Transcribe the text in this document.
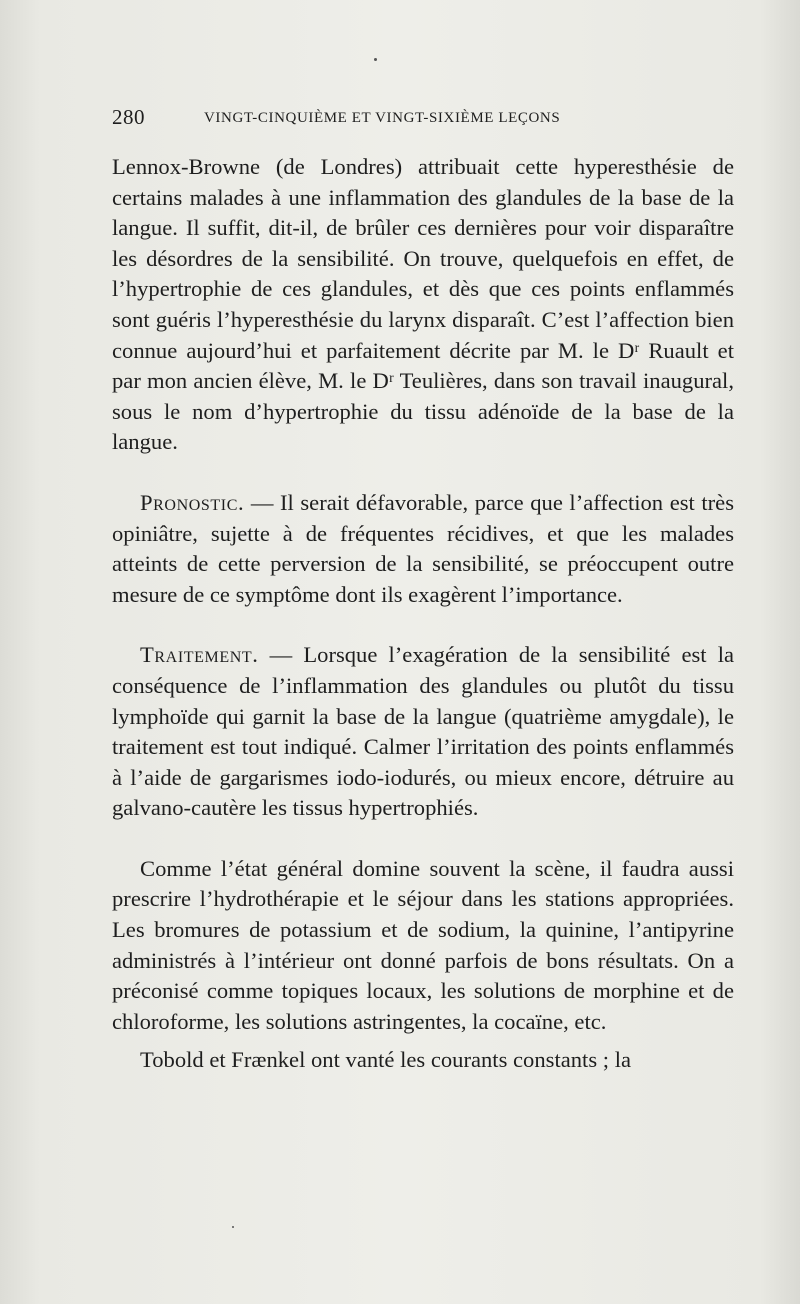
280	VINGT-CINQUIÈME ET VINGT-SIXIÈME LEÇONS

Lennox-Browne (de Londres) attribuait cette hyperesthésie de certains malades à une inflammation des glandules de la base de la langue. Il suffit, dit-il, de brûler ces dernières pour voir disparaître les désordres de la sensibilité. On trouve, quelquefois en effet, de l’hypertrophie de ces glandules, et dès que ces points enflammés sont guéris l’hyperesthésie du larynx disparaît. C’est l’affection bien connue aujourd’hui et parfaitement décrite par M. le Dʳ Ruault et par mon ancien élève, M. le Dʳ Teulières, dans son travail inaugural, sous le nom d’hypertrophie du tissu adénoïde de la base de la langue.

Pronostic. — Il serait défavorable, parce que l’affection est très opiniâtre, sujette à de fréquentes récidives, et que les malades atteints de cette perversion de la sensibilité, se préoccupent outre mesure de ce symptôme dont ils exagèrent l’importance.

Traitement. — Lorsque l’exagération de la sensibilité est la conséquence de l’inflammation des glandules ou plutôt du tissu lymphoïde qui garnit la base de la langue (quatrième amygdale), le traitement est tout indiqué. Calmer l’irritation des points enflammés à l’aide de gargarismes iodo-iodurés, ou mieux encore, détruire au galvano-cautère les tissus hypertrophiés.

Comme l’état général domine souvent la scène, il faudra aussi prescrire l’hydrothérapie et le séjour dans les stations appropriées. Les bromures de potassium et de sodium, la quinine, l’antipyrine administrés à l’intérieur ont donné parfois de bons résultats. On a préconisé comme topiques locaux, les solutions de morphine et de chloroforme, les solutions astringentes, la cocaïne, etc.

Tobold et Frænkel ont vanté les courants constants ; la
